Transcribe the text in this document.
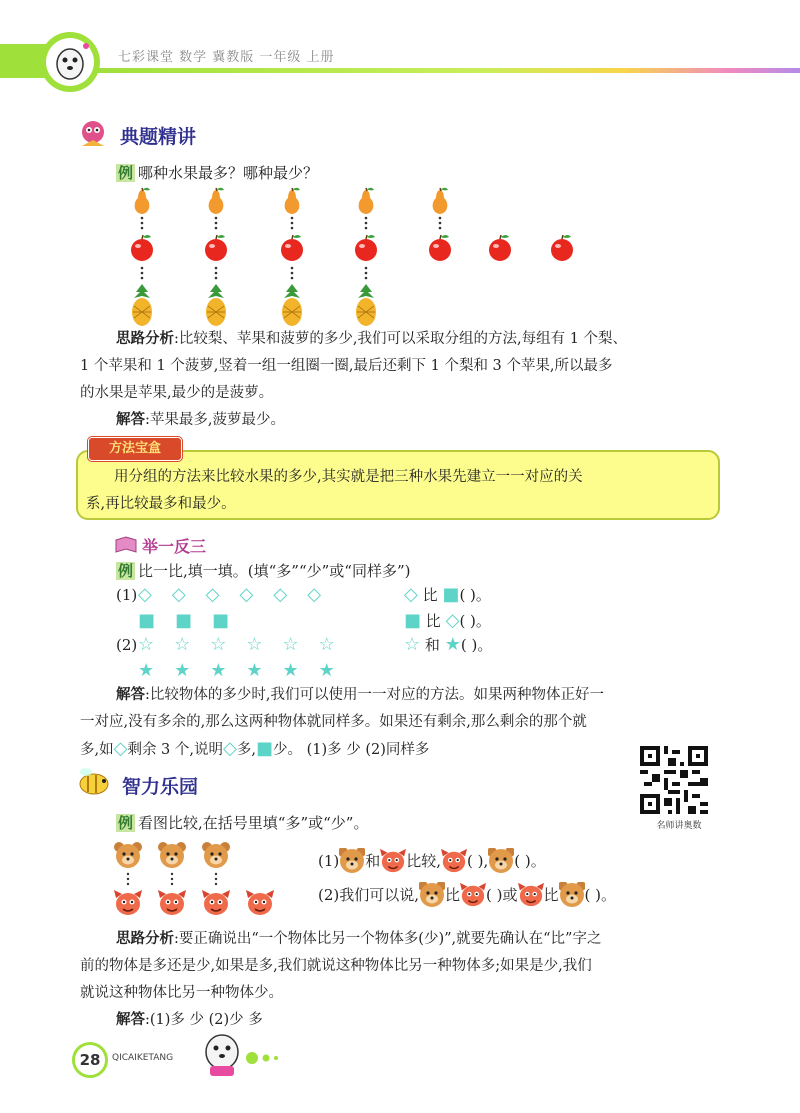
七彩课堂 数学 冀教版 一年级 上册
典题精讲
例 哪种水果最多？哪种最少？
思路分析:比较梨、苹果和菠萝的多少,我们可以采取分组的方法,每组有 1 个梨、
1 个苹果和 1 个菠萝,竖着一组一组圈一圈,最后还剩下 1 个梨和 3 个苹果,所以最多
的水果是苹果,最少的是菠萝。
解答:苹果最多,菠萝最少。
方法宝盒
用分组的方法来比较水果的多少,其实就是把三种水果先建立一一对应的关
系,再比较最多和最少。
举一反三
例 比一比,填一填。(填“多”“少”或“同样多”)
(1) ◇◇◇◇◇◇
■■■
(2) ☆☆☆☆☆☆
★★★★★★
◇ 比 ■( )。
■ 比 ◇( )。
☆ 和 ★( )。
解答:比较物体的多少时,我们可以使用一一对应的方法。如果两种物体正好一
一对应,没有多余的,那么这两种物体就同样多。如果还有剩余,那么剩余的那个就
多,如◇剩余 3 个,说明◇多,■少。 (1)多 少 (2)同样多
智力乐园
名师讲奥数
例 看图比较,在括号里填“多”或“少”。
(1) 和 比较, ( ), ( )。
(2)我们可以说, 比 ( )或 比 ( )。
思路分析:要正确说出“一个物体比另一个物体多(少)”,就要先确认在“比”字之
前的物体是多还是少,如果是多,我们就说这种物体比另一种物体多;如果是少,我们
就说这种物体比另一种物体少。
解答:(1)多 少 (2)少 多
28	QICAIKETANG
